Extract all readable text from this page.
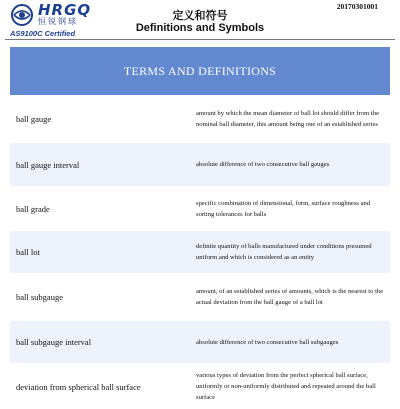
HRGQ
恒锐钢球
AS9100C Certified
定义和符号
Definitions and Symbols
20170301001
TERMS AND DEFINITIONS
ball gauge
amount by which the mean diameter of ball lot should differ from the nominal ball diameter, this amount being one of an established series
ball gauge interval	absolute difference of two consecutive ball gauges
ball grade
specific combination of dimensional, form, surface roughness and sorting tolerances for balls
ball lot
definite quantity of balls manufactured under conditions presumed uniform and which is considered as an entity
ball subgauge
amount, of an established series of amounts, which is the nearest to the actual deviation from the ball gauge of a ball lot
ball subgauge interval	absolute difference of two consecutive ball subgauges
deviation from spherical ball surface
various types of deviation from the perfect spherical ball surface, uniformly or non-uniformly distributed and repeated around the ball surface
